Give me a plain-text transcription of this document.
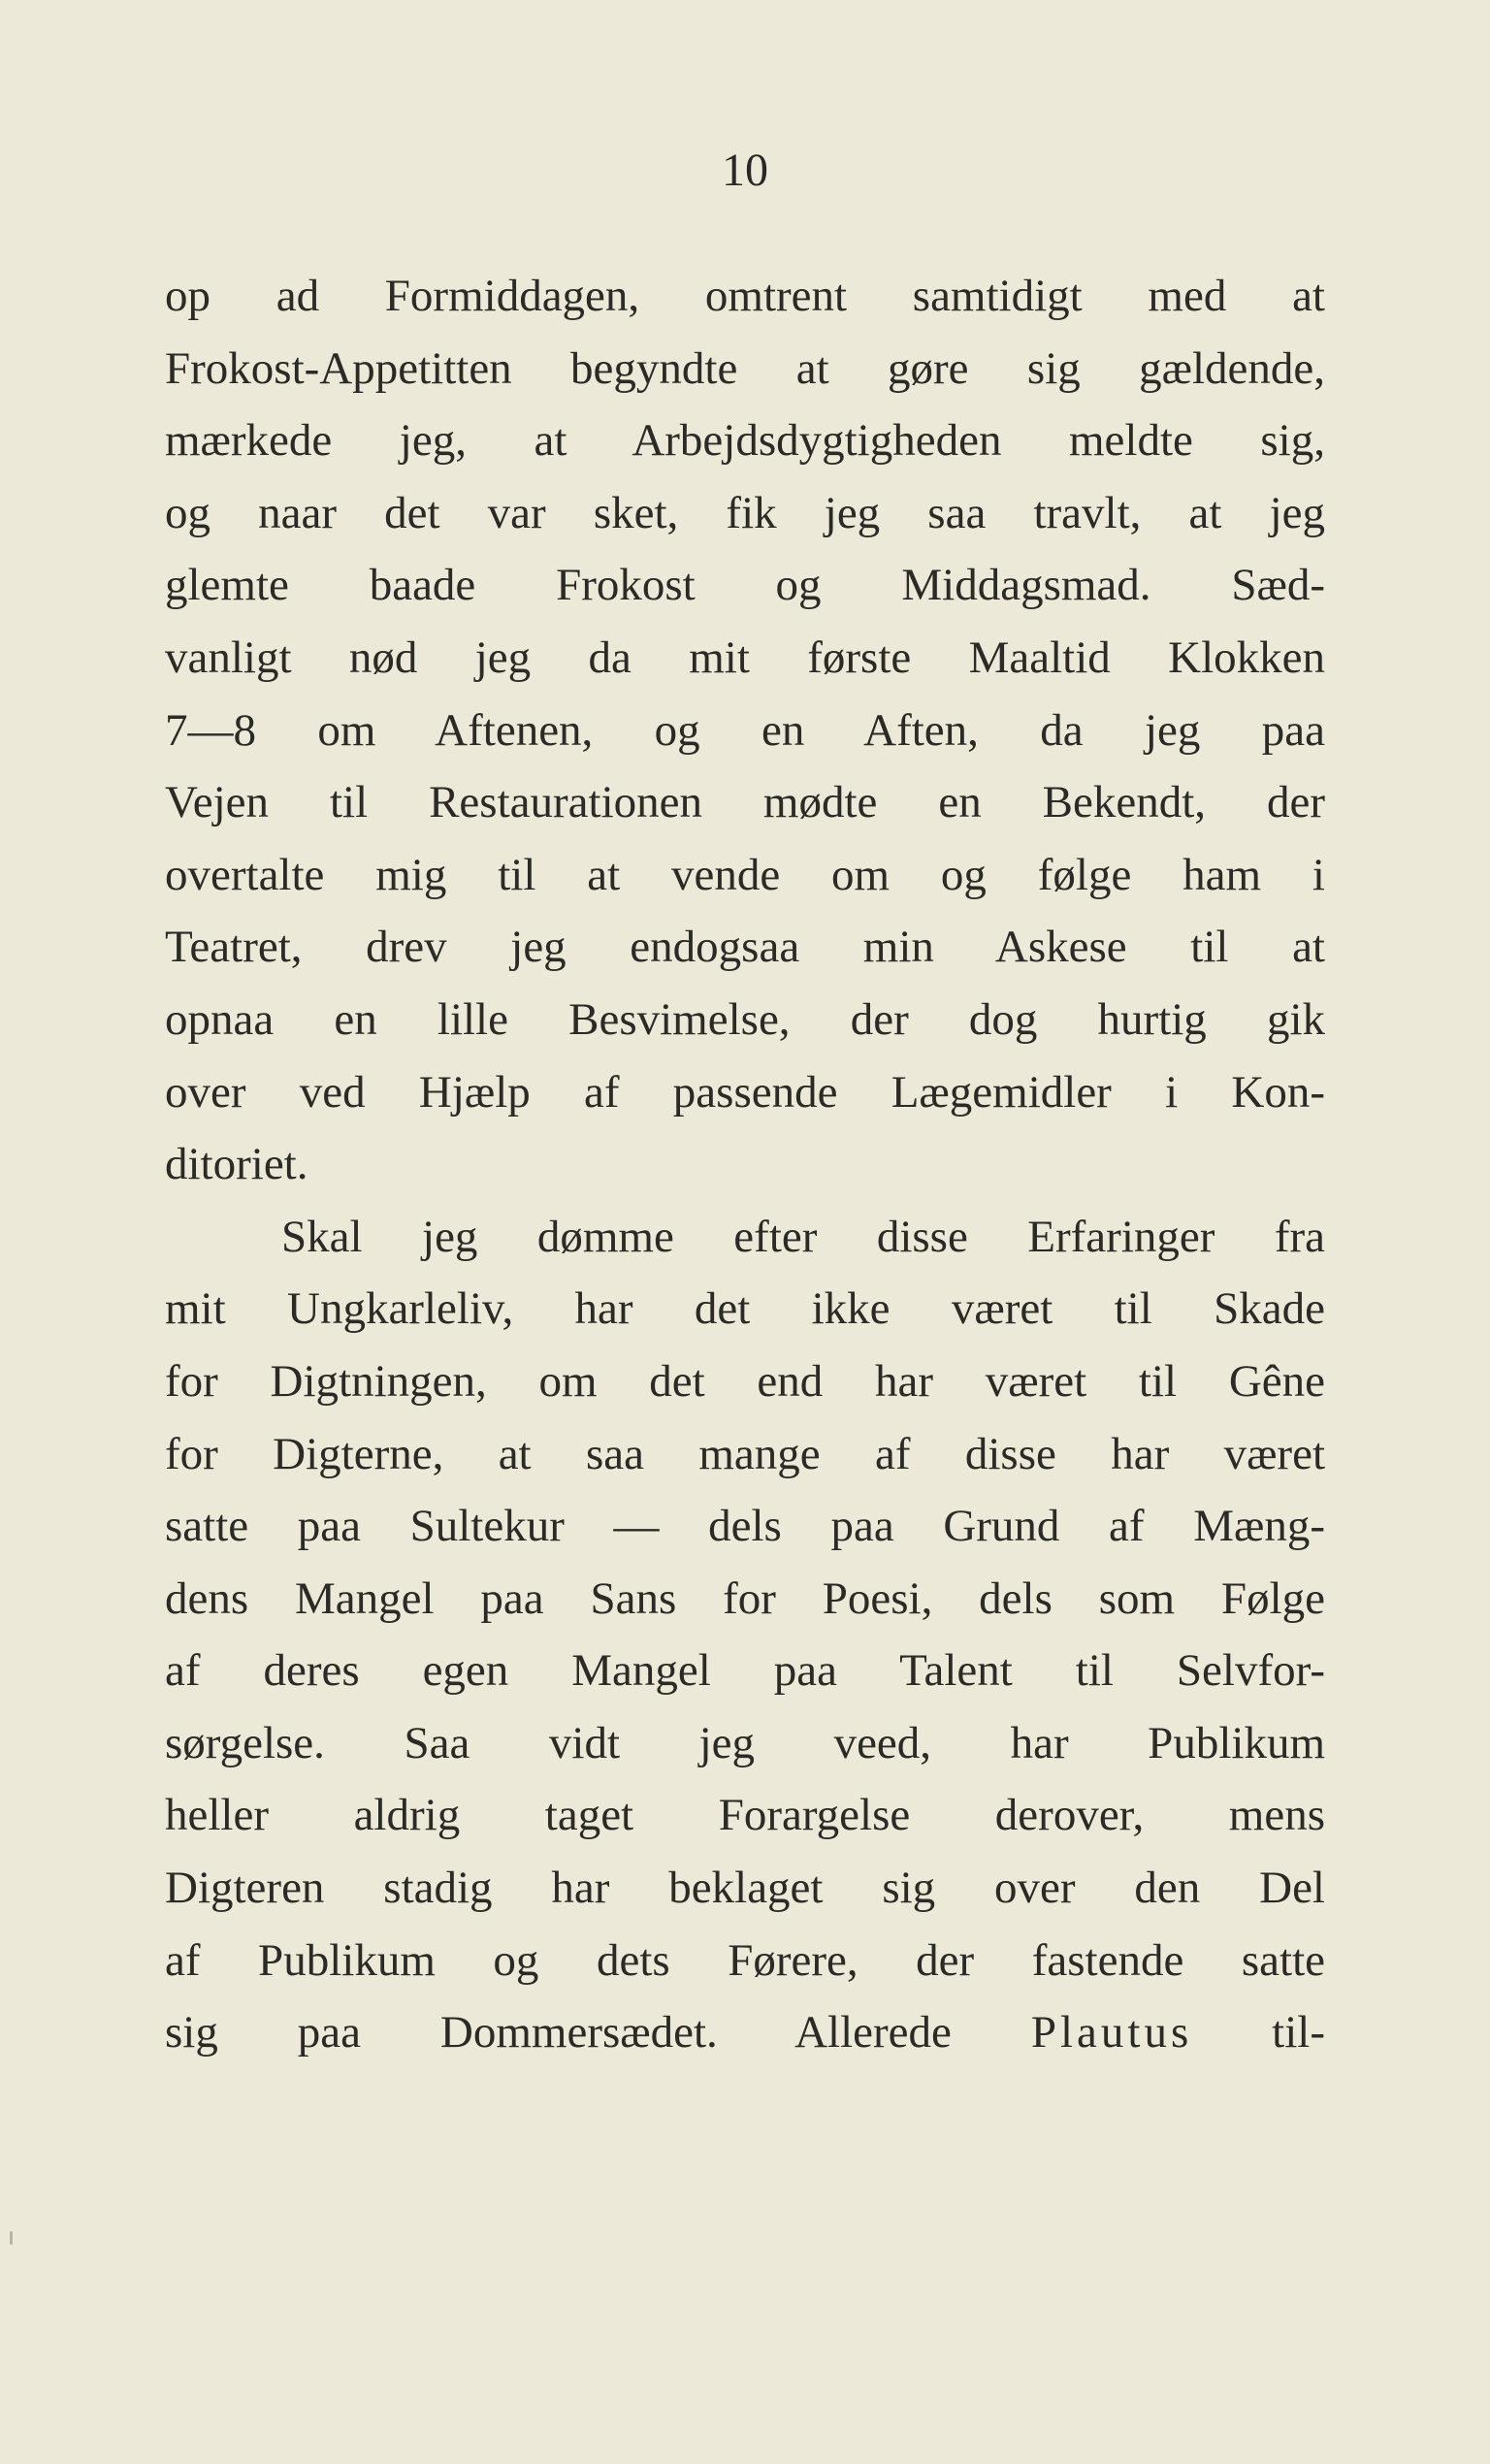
10
op ad Formiddagen, omtrent samtidigt med at
Frokost-Appetitten begyndte at gøre sig gældende,
mærkede jeg, at Arbejdsdygtigheden meldte sig,
og naar det var sket, fik jeg saa travlt, at jeg
glemte baade Frokost og Middagsmad. Sæd-
vanligt nød jeg da mit første Maaltid Klokken
7—8 om Aftenen, og en Aften, da jeg paa
Vejen til Restaurationen mødte en Bekendt, der
overtalte mig til at vende om og følge ham i
Teatret, drev jeg endogsaa min Askese til at
opnaa en lille Besvimelse, der dog hurtig gik
over ved Hjælp af passende Lægemidler i Kon-
ditoriet.
Skal jeg dømme efter disse Erfaringer fra
mit Ungkarleliv, har det ikke været til Skade
for Digtningen, om det end har været til Gêne
for Digterne, at saa mange af disse har været
satte paa Sultekur — dels paa Grund af Mæng-
dens Mangel paa Sans for Poesi, dels som Følge
af deres egen Mangel paa Talent til Selvfor-
sørgelse. Saa vidt jeg veed, har Publikum
heller aldrig taget Forargelse derover, mens
Digteren stadig har beklaget sig over den Del
af Publikum og dets Førere, der fastende satte
sig paa Dommersædet. Allerede Plautus til-
